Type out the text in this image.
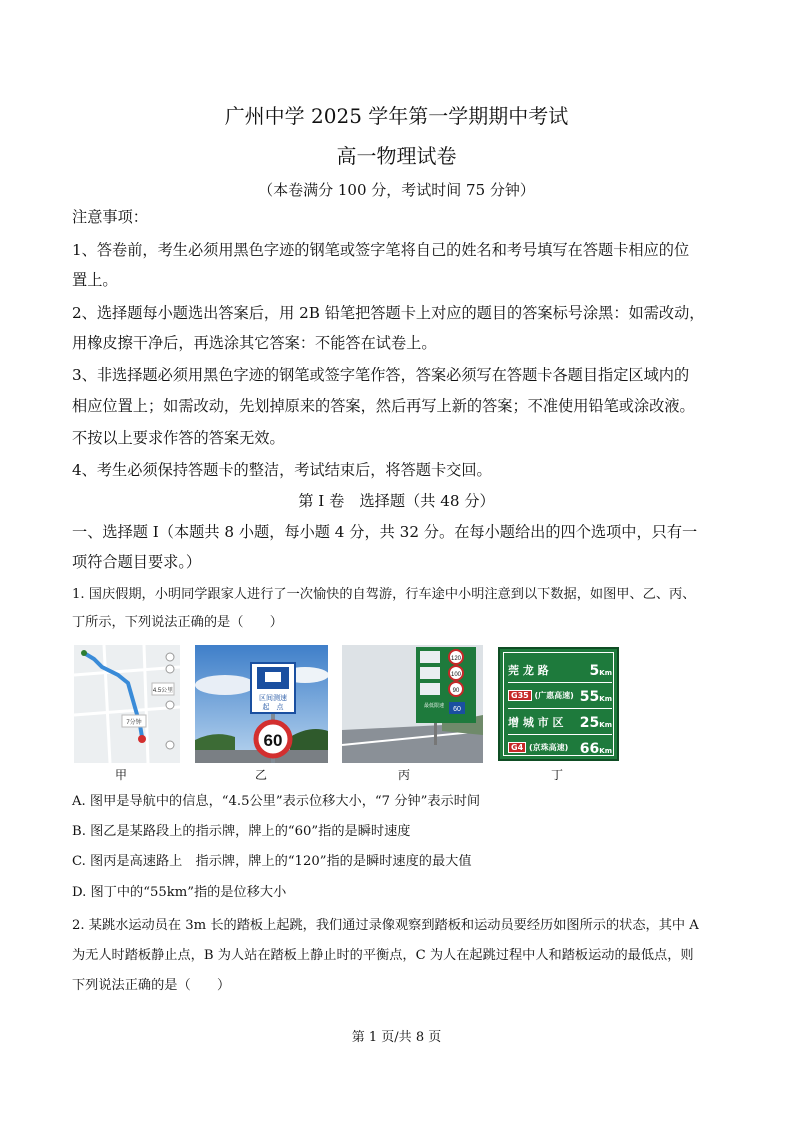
广州中学 2025 学年第一学期期中考试
高一物理试卷
（本卷满分 100 分，考试时间 75 分钟）
注意事项：
1、答卷前，考生必须用黑色字迹的钢笔或签字笔将自己的姓名和考号填写在答题卡相应的位
置上。
2、选择题每小题选出答案后，用 2B 铅笔把答题卡上对应的题目的答案标号涂黑：如需改动，
用橡皮擦干净后，再选涂其它答案：不能答在试卷上。
3、非选择题必须用黑色字迹的钢笔或签字笔作答，答案必须写在答题卡各题目指定区域内的
相应位置上；如需改动，先划掉原来的答案，然后再写上新的答案；不准使用铅笔或涂改液。
不按以上要求作答的答案无效。
4、考生必须保持答题卡的整洁，考试结束后，将答题卡交回。
第 I 卷　选择题（共 48 分）
一、选择题 I（本题共 8 小题，每小题 4 分，共 32 分。在每小题给出的四个选项中，只有一
项符合题目要求。）
1. 国庆假期，小明同学跟家人进行了一次愉快的自驾游，行车途中小明注意到以下数据，如图甲、乙、丙、
丁所示，下列说法正确的是（　　）
4.5公里
7分钟
甲
区间测速
起　点
60
乙
120
100
90
最低限速 60
丙
莞 龙 路	5Km
G35 (广惠高速) 55Km
增 城 市 区 25Km
G4 (京珠高速) 66Km
丁
A. 图甲是导航中的信息，“4.5公里”表示位移大小，“7 分钟”表示时间
B. 图乙是某路段上的指示牌，牌上的“60”指的是瞬时速度
C. 图丙是高速路上　指示牌，牌上的“120”指的是瞬时速度的最大值
D. 图丁中的“55km”指的是位移大小
2. 某跳水运动员在 3m 长的踏板上起跳，我们通过录像观察到踏板和运动员要经历如图所示的状态，其中 A
为无人时踏板静止点，B 为人站在踏板上静止时的平衡点，C 为人在起跳过程中人和踏板运动的最低点，则
下列说法正确的是（　　）
第 1 页/共 8 页
